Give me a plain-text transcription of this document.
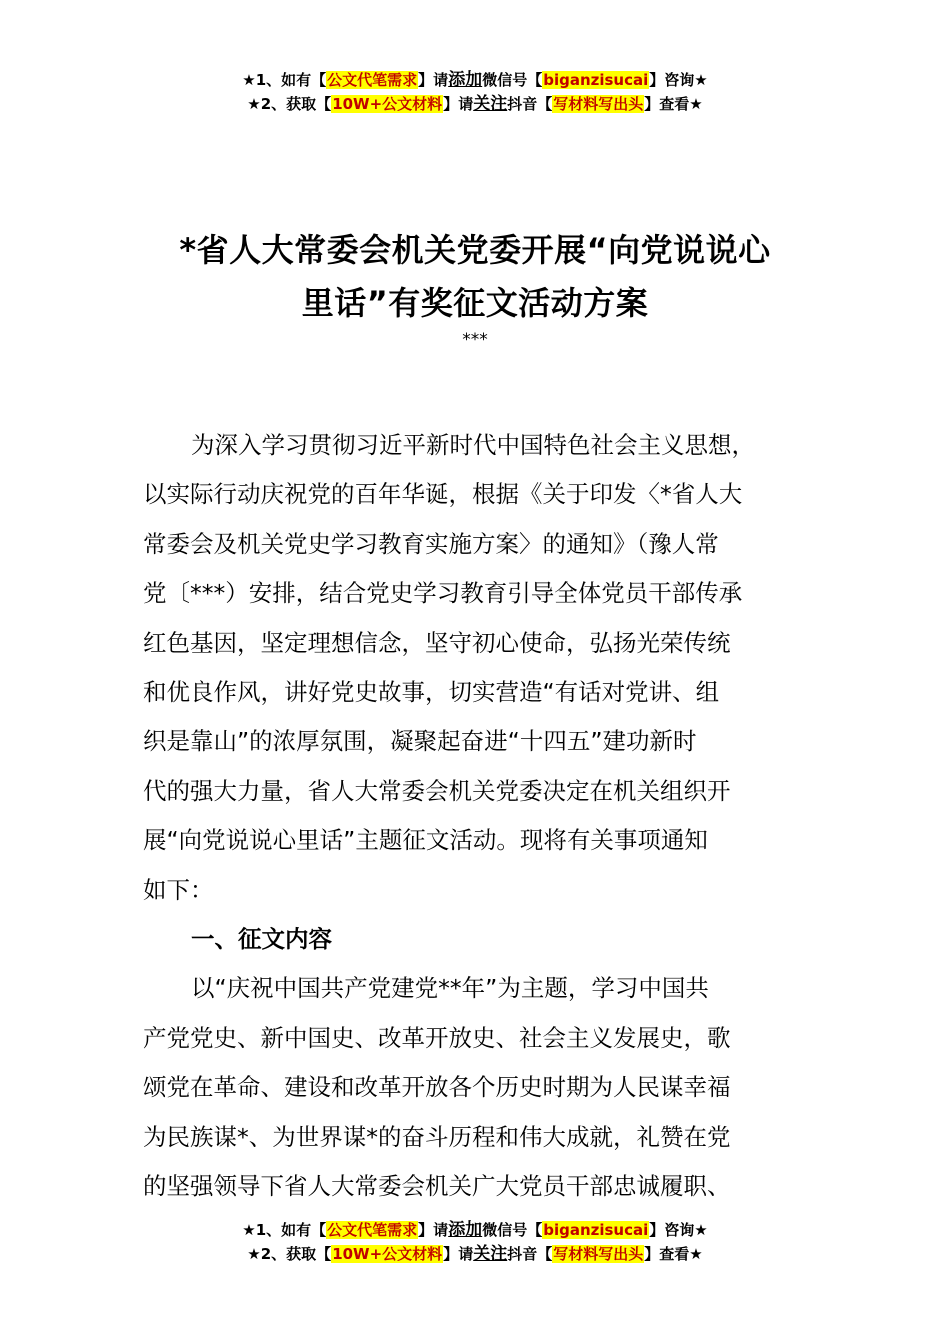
★1、如有【公文代笔需求】请添加微信号【biganzisucai】咨询★
★2、获取【10W+公文材料】请关注抖音【写材料写出头】查看★
*省人大常委会机关党委开展“向党说说心
里话”有奖征文活动方案
***
为深入学习贯彻习近平新时代中国特色社会主义思想，
以实际行动庆祝党的百年华诞，根据《关于印发〈*省人大
常委会及机关党史学习教育实施方案〉的通知》（豫人常
党〔***）安排，结合党史学习教育引导全体党员干部传承
红色基因，坚定理想信念，坚守初心使命，弘扬光荣传统
和优良作风，讲好党史故事，切实营造“有话对党讲、组
织是靠山”的浓厚氛围，凝聚起奋进“十四五”建功新时
代的强大力量，省人大常委会机关党委决定在机关组织开
展“向党说说心里话”主题征文活动。现将有关事项通知
如下：
一、征文内容
以“庆祝中国共产党建党**年”为主题，学习中国共
产党党史、新中国史、改革开放史、社会主义发展史，歌
颂党在革命、建设和改革开放各个历史时期为人民谋幸福
为民族谋*、为世界谋*的奋斗历程和伟大成就，礼赞在党
的坚强领导下省人大常委会机关广大党员干部忠诚履职、
★1、如有【公文代笔需求】请添加微信号【biganzisucai】咨询★
★2、获取【10W+公文材料】请关注抖音【写材料写出头】查看★
